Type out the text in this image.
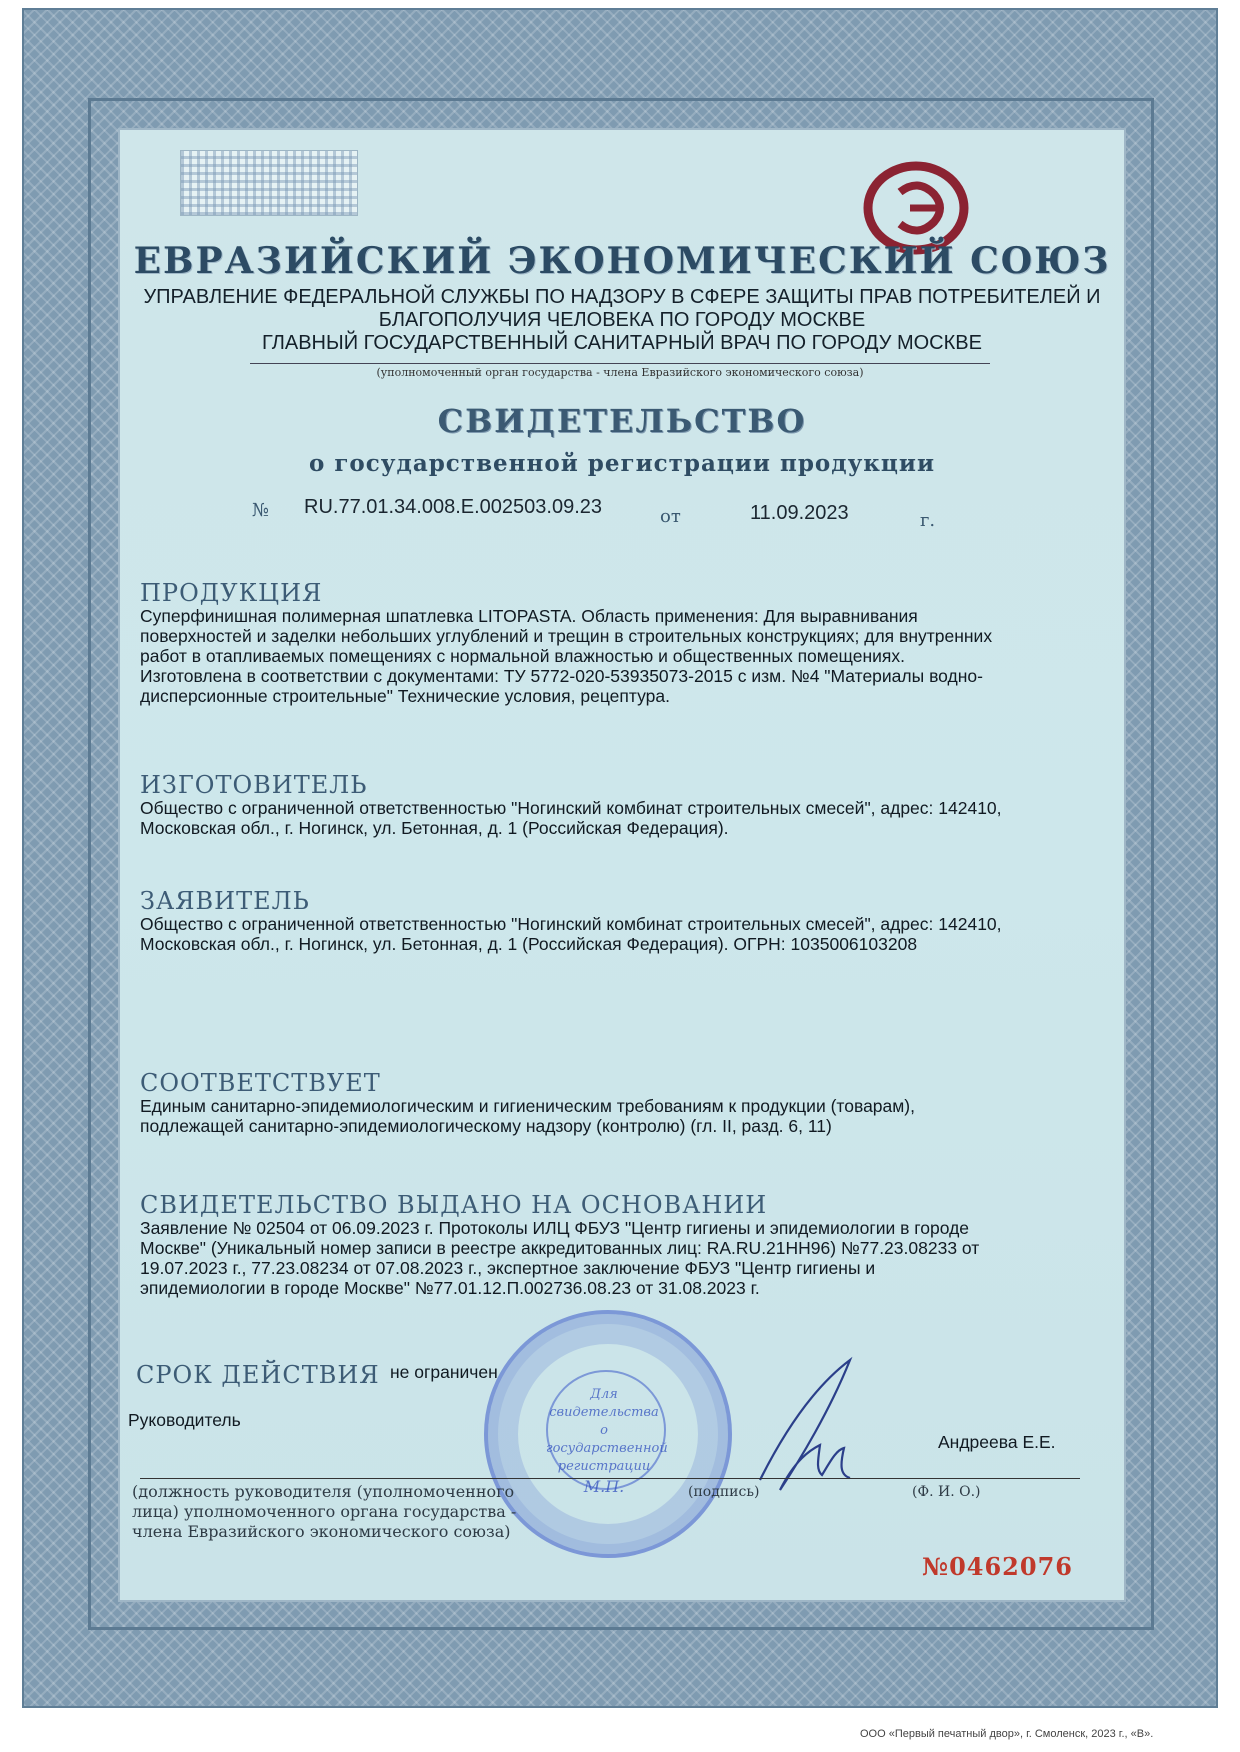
ЕВРАЗИЙСКИЙ ЭКОНОМИЧЕСКИЙ СОЮЗ
УПРАВЛЕНИЕ ФЕДЕРАЛЬНОЙ СЛУЖБЫ ПО НАДЗОРУ В СФЕРЕ ЗАЩИТЫ ПРАВ ПОТРЕБИТЕЛЕЙ И
БЛАГОПОЛУЧИЯ ЧЕЛОВЕКА ПО ГОРОДУ МОСКВЕ
ГЛАВНЫЙ ГОСУДАРСТВЕННЫЙ САНИТАРНЫЙ ВРАЧ ПО ГОРОДУ МОСКВЕ
(уполномоченный орган государства - члена Евразийского экономического союза)
СВИДЕТЕЛЬСТВО
о государственной регистрации продукции
№ RU.77.01.34.008.Е.002503.09.23	от	11.09.2023	г.
ПРОДУКЦИЯ
Суперфинишная полимерная шпатлевка LITOPASTA. Область применения: Для выравнивания
поверхностей и заделки небольших углублений и трещин в строительных конструкциях; для внутренних
работ в отапливаемых помещениях с нормальной влажностью и общественных помещениях.
Изготовлена в соответствии с документами: ТУ 5772-020-53935073-2015 с изм. №4 "Материалы водно-
дисперсионные строительные" Технические условия, рецептура.
ИЗГОТОВИТЕЛЬ
Общество с ограниченной ответственностью "Ногинский комбинат строительных смесей", адрес: 142410,
Московская обл., г. Ногинск, ул. Бетонная, д. 1 (Российская Федерация).
ЗАЯВИТЕЛЬ
Общество с ограниченной ответственностью "Ногинский комбинат строительных смесей", адрес: 142410,
Московская обл., г. Ногинск, ул. Бетонная, д. 1 (Российская Федерация). ОГРН: 1035006103208
СООТВЕТСТВУЕТ
Единым санитарно-эпидемиологическим и гигиеническим требованиям к продукции (товарам),
подлежащей санитарно-эпидемиологическому надзору (контролю) (гл. II, разд. 6, 11)
СВИДЕТЕЛЬСТВО ВЫДАНО НА ОСНОВАНИИ
Заявление № 02504 от 06.09.2023 г. Протоколы ИЛЦ ФБУЗ "Центр гигиены и эпидемиологии в городе
Москве" (Уникальный номер записи в реестре аккредитованных лиц: RA.RU.21НН96) №77.23.08233 от
19.07.2023 г., 77.23.08234 от 07.08.2023 г., экспертное заключение ФБУЗ "Центр гигиены и
эпидемиологии в городе Москве" №77.01.12.П.002736.08.23 от 31.08.2023 г.
СРОК ДЕЙСТВИЯ не ограничен
Руководитель
Андреева Е.Е.
Для
свидетельства
о государственной
регистрации
М.П.
(должность руководителя (уполномоченного
лица) уполномоченного органа государства -
члена Евразийского экономического союза)
(подпись)	(Ф. И. О.)
№0462076
ООО «Первый печатный двор», г. Смоленск, 2023 г., «В».
